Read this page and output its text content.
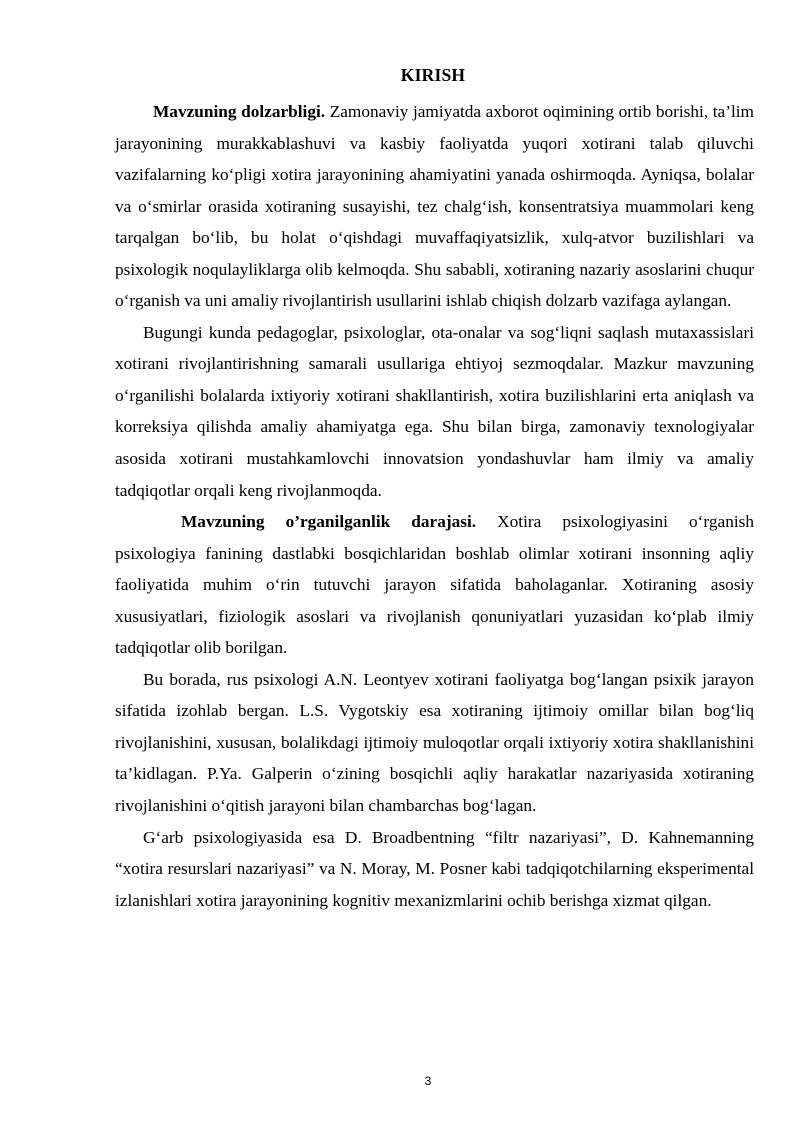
KIRISH

Mavzuning dolzarbligi. Zamonaviy jamiyatda axborot oqimining ortib borishi, ta’lim jarayonining murakkablashuvi va kasbiy faoliyatda yuqori xotirani talab qiluvchi vazifalarning ko‘pligi xotira jarayonining ahamiyatini yanada oshirmoqda. Ayniqsa, bolalar va o‘smirlar orasida xotiraning susayishi, tez chalg‘ish, konsentratsiya muammolari keng tarqalgan bo‘lib, bu holat o‘qishdagi muvaffaqiyatsizlik, xulq-atvor buzilishlari va psixologik noqulayliklarga olib kelmoqda. Shu sababli, xotiraning nazariy asoslarini chuqur o‘rganish va uni amaliy rivojlantirish usullarini ishlab chiqish dolzarb vazifaga aylangan.

Bugungi kunda pedagoglar, psixologlar, ota-onalar va sog‘liqni saqlash mutaxassislari xotirani rivojlantirishning samarali usullariga ehtiyoj sezmoqdalar. Mazkur mavzuning o‘rganilishi bolalarda ixtiyoriy xotirani shakllantirish, xotira buzilishlarini erta aniqlash va korreksiya qilishda amaliy ahamiyatga ega. Shu bilan birga, zamonaviy texnologiyalar asosida xotirani mustahkamlovchi innovatsion yondashuvlar ham ilmiy va amaliy tadqiqotlar orqali keng rivojlanmoqda.

Mavzuning o’rganilganlik darajasi. Xotira psixologiyasini o‘rganish psixologiya fanining dastlabki bosqichlaridan boshlab olimlar xotirani insonning aqliy faoliyatida muhim o‘rin tutuvchi jarayon sifatida baholaganlar. Xotiraning asosiy xususiyatlari, fiziologik asoslari va rivojlanish qonuniyatlari yuzasidan ko‘plab ilmiy tadqiqotlar olib borilgan.

Bu borada, rus psixologi A.N. Leontyev xotirani faoliyatga bog‘langan psixik jarayon sifatida izohlab bergan. L.S. Vygotskiy esa xotiraning ijtimoiy omillar bilan bog‘liq rivojlanishini, xususan, bolalikdagi ijtimoiy muloqotlar orqali ixtiyoriy xotira shakllanishini ta’kidlagan. P.Ya. Galperin o‘zining bosqichli aqliy harakatlar nazariyasida xotiraning rivojlanishini o‘qitish jarayoni bilan chambarchas bog‘lagan.

G‘arb psixologiyasida esa D. Broadbentning “filtr nazariyasi”, D. Kahnemanning “xotira resurslari nazariyasi” va N. Moray, M. Posner kabi tadqiqotchilarning eksperimental izlanishlari xotira jarayonining kognitiv mexanizmlarini ochib berishga xizmat qilgan.

3
